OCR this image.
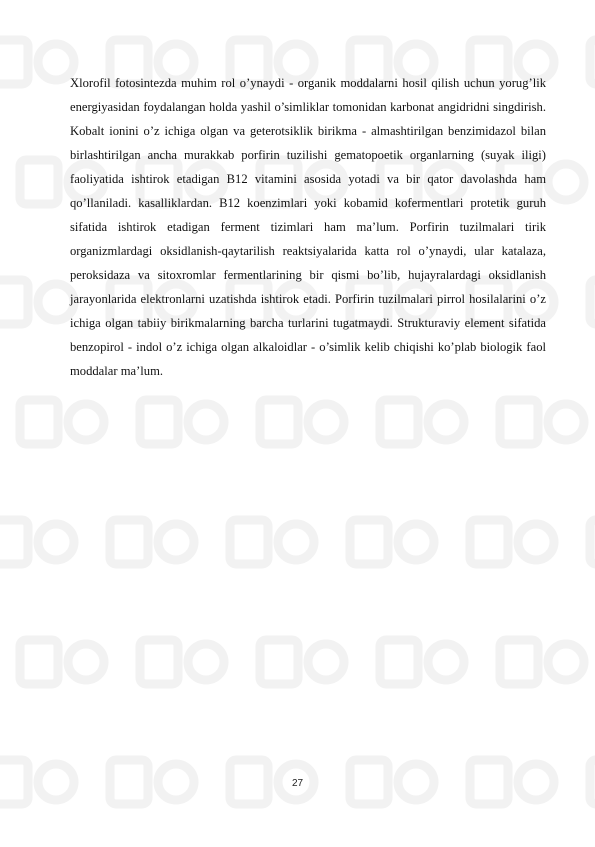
Xlorofil fotosintezda muhim rol o’ynaydi - organik moddalarni hosil qilish uchun yorug’lik energiyasidan foydalangan holda yashil o’simliklar tomonidan karbonat angidridni singdirish. Kobalt ionini o’z ichiga olgan va geterotsiklik birikma - almashtirilgan benzimidazol bilan birlashtirilgan ancha murakkab porfirin tuzilishi gematopoetik organlarning (suyak iligi) faoliyatida ishtirok etadigan B12 vitamini asosida yotadi va bir qator davolashda ham qo’llaniladi. kasalliklardan. B12 koenzimlari yoki kobamid kofermentlari protetik guruh sifatida ishtirok etadigan ferment tizimlari ham ma’lum. Porfirin tuzilmalari tirik organizmlardagi oksidlanish-qaytarilish reaktsiyalarida katta rol o’ynaydi, ular katalaza, peroksidaza va sitoxromlar fermentlarining bir qismi bo’lib, hujayralardagi oksidlanish jarayonlarida elektronlarni uzatishda ishtirok etadi. Porfirin tuzilmalari pirrol hosilalarini o’z ichiga olgan tabiiy birikmalarning barcha turlarini tugatmaydi. Strukturaviy element sifatida benzopirol - indol o’z ichiga olgan alkaloidlar - o’simlik kelib chiqishi ko’plab biologik faol moddalar ma’lum.

27
